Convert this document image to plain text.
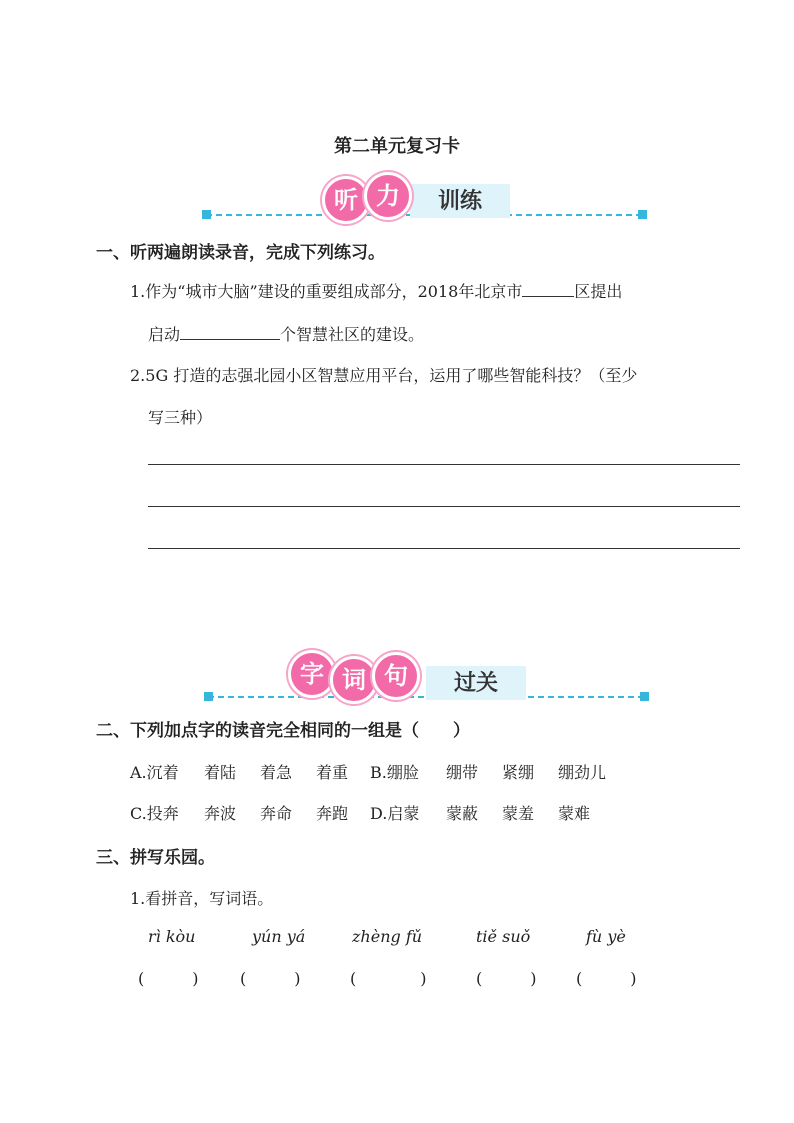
第二单元复习卡
训练
听 力
一、听两遍朗读录音，完成下列练习。
1.作为“城市大脑”建设的重要组成部分，2018年北京市	区提出
启动	个智慧社区的建设。
2.5G 打造的志强北园小区智慧应用平台，运用了哪些智能科技？（至少
写三种）
过关
字 词 句
二、下列加点字的读音完全相同的一组是（　　）
A.沉着 着陆 着急 着重 B.绷脸 绷带 紧绷 绷劲儿
C.投奔 奔波 奔命 奔跑 D.启蒙 蒙蔽 蒙羞 蒙难
三、拼写乐园。
1.看拼音，写词语。
rì kòu	yún yá	zhèng fǔ	tiě suǒ	fù yè
(　　　)	(　　　)	(　　　　)	(　　　) (　　　)
